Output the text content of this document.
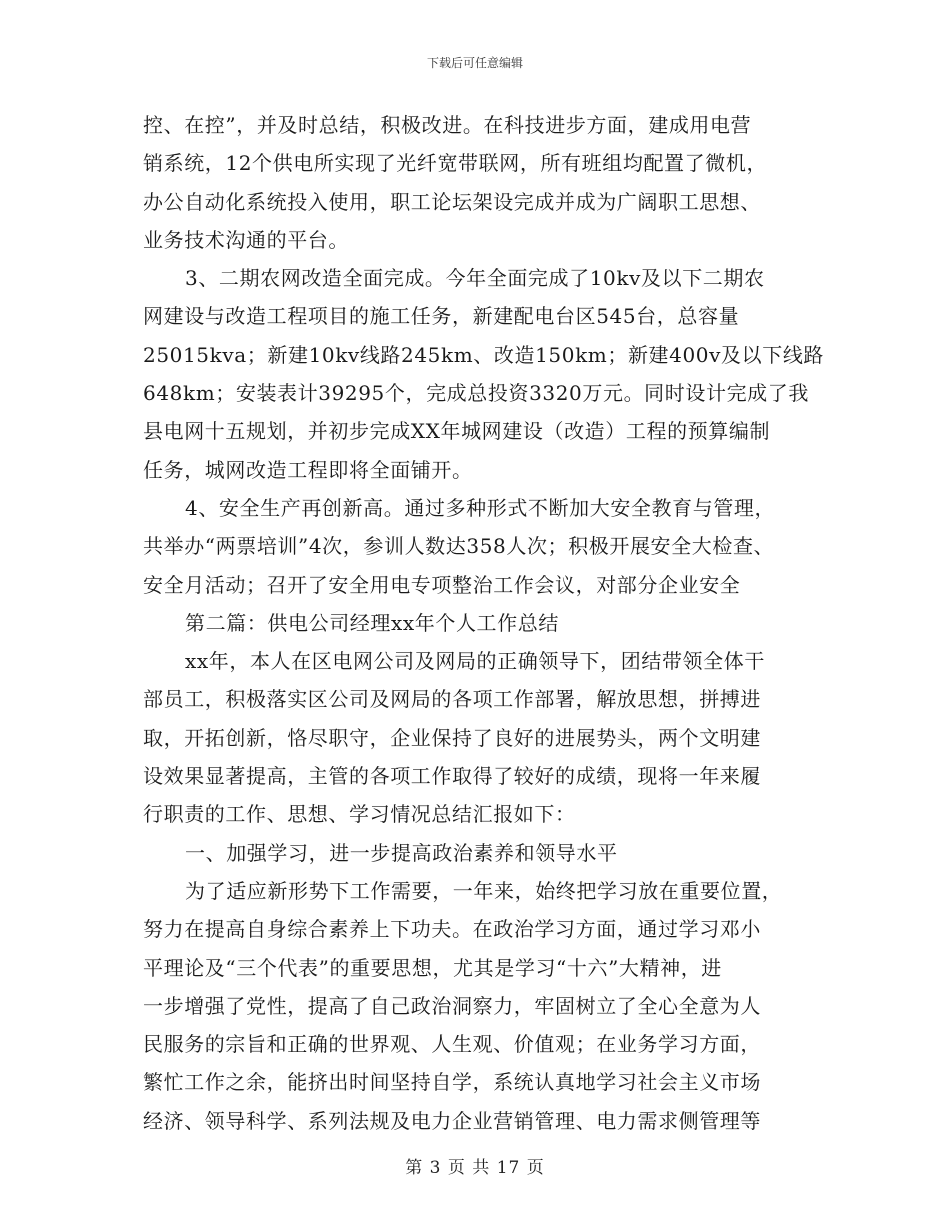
下载后可任意编辑
控、在控”，并及时总结，积极改进。在科技进步方面，建成用电营
销系统，12个供电所实现了光纤宽带联网，所有班组均配置了微机，
办公自动化系统投入使用，职工论坛架设完成并成为广阔职工思想、
业务技术沟通的平台。
3、二期农网改造全面完成。今年全面完成了10kv及以下二期农
网建设与改造工程项目的施工任务，新建配电台区545台，总容量
25015kva；新建10kv线路245km、改造150km；新建400v及以下线路
648km；安装表计39295个，完成总投资3320万元。同时设计完成了我
县电网十五规划，并初步完成XX年城网建设（改造）工程的预算编制
任务，城网改造工程即将全面铺开。
4、安全生产再创新高。通过多种形式不断加大安全教育与管理，
共举办“两票培训”4次，参训人数达358人次；积极开展安全大检查、
安全月活动；召开了安全用电专项整治工作会议，对部分企业安全
第二篇：供电公司经理xx年个人工作总结
xx年，本人在区电网公司及网局的正确领导下，团结带领全体干
部员工，积极落实区公司及网局的各项工作部署，解放思想，拼搏进
取，开拓创新，恪尽职守，企业保持了良好的进展势头，两个文明建
设效果显著提高，主管的各项工作取得了较好的成绩，现将一年来履
行职责的工作、思想、学习情况总结汇报如下：
一、加强学习，进一步提高政治素养和领导水平
为了适应新形势下工作需要，一年来，始终把学习放在重要位置，
努力在提高自身综合素养上下功夫。在政治学习方面，通过学习邓小
平理论及“三个代表”的重要思想，尤其是学习“十六”大精神，进
一步增强了党性，提高了自己政治洞察力，牢固树立了全心全意为人
民服务的宗旨和正确的世界观、人生观、价值观；在业务学习方面，
繁忙工作之余，能挤出时间坚持自学，系统认真地学习社会主义市场
经济、领导科学、系列法规及电力企业营销管理、电力需求侧管理等
第 3 页 共 17 页
